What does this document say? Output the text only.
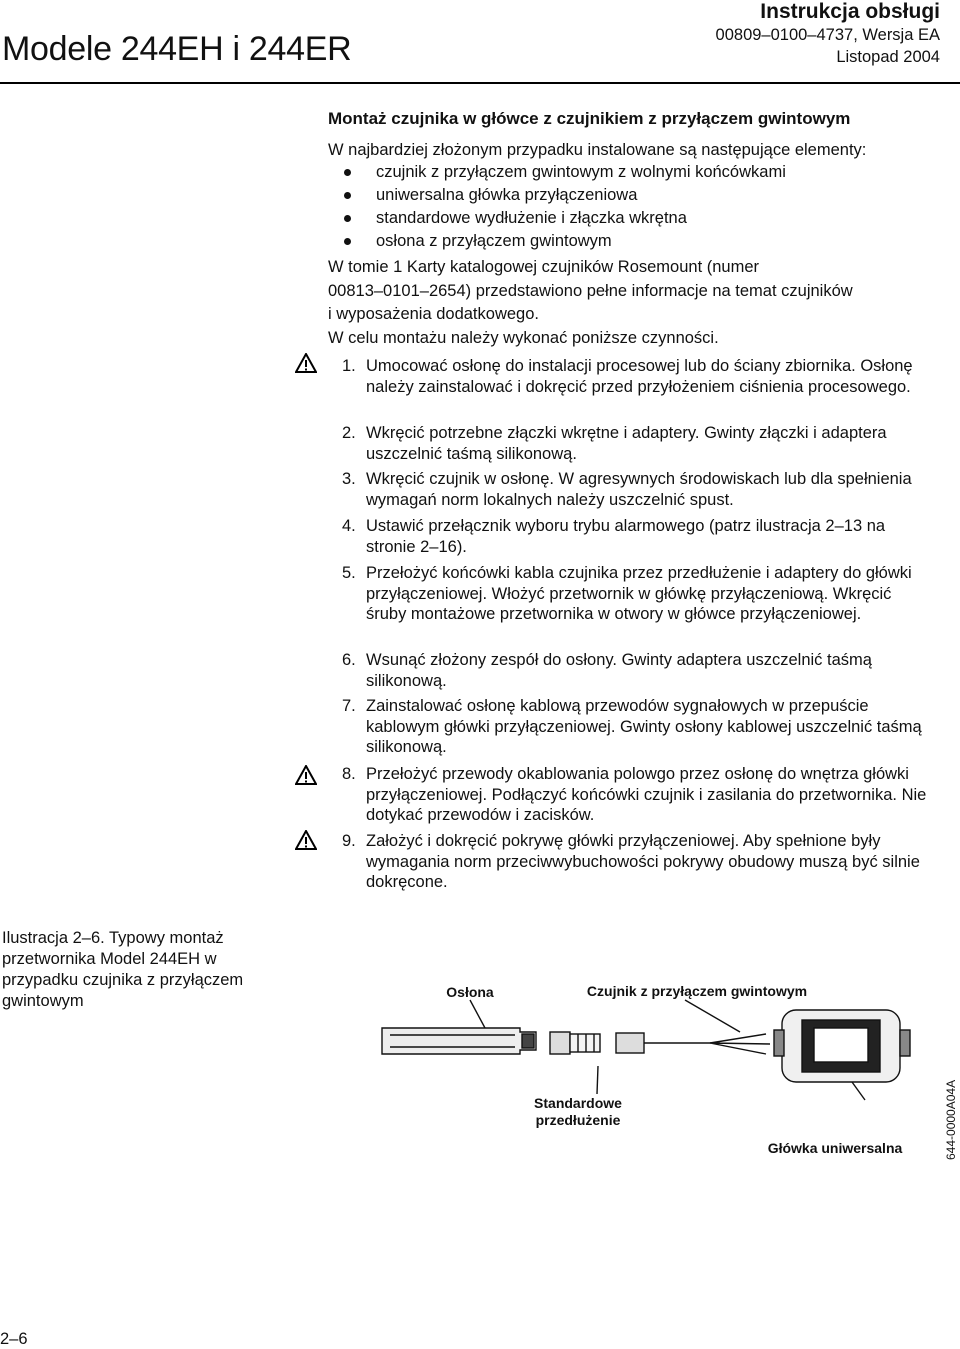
Modele 244EH i 244ER
Instrukcja obsługi
00809–0100–4737, Wersja EA
Listopad 2004
Montaż czujnika w główce z czujnikiem z przyłączem gwintowym
W najbardziej złożonym przypadku instalowane są następujące elementy:
czujnik z przyłączem gwintowym z wolnymi końcówkami
uniwersalna główka przyłączeniowa
standardowe wydłużenie i złączka wkrętna
osłona z przyłączem gwintowym
W tomie 1 Karty katalogowej czujników Rosemount (numer
00813–0101–2654) przedstawiono pełne informacje na temat czujników
i wyposażenia dodatkowego.
W celu montażu należy wykonać poniższe czynności.
1. Umocować osłonę do instalacji procesowej lub do ściany zbiornika. Osłonę należy zainstalować i dokręcić przed przyłożeniem ciśnienia procesowego.
2. Wkręcić potrzebne złączki wkrętne i adaptery. Gwinty złączki i adaptera uszczelnić taśmą silikonową.
3. Wkręcić czujnik w osłonę. W agresywnych środowiskach lub dla spełnienia wymagań norm lokalnych należy uszczelnić spust.
4. Ustawić przełącznik wyboru trybu alarmowego (patrz ilustracja 2–13 na stronie 2–16).
5. Przełożyć końcówki kabla czujnika przez przedłużenie i adaptery do główki przyłączeniowej. Włożyć przetwornik w główkę przyłączeniową. Wkręcić śruby montażowe przetwornika w otwory w główce przyłączeniowej.
6. Wsunąć złożony zespół do osłony. Gwinty adaptera uszczelnić taśmą silikonową.
7. Zainstalować osłonę kablową przewodów sygnałowych w przepuście kablowym główki przyłączeniowej. Gwinty osłony kablowej uszczelnić taśmą silikonową.
8. Przełożyć przewody okablowania polowgo przez osłonę do wnętrza główki przyłączeniowej. Podłączyć końcówki czujnik i zasilania do przetwornika. Nie dotykać przewodów i zacisków.
9. Założyć i dokręcić pokrywę główki przyłączeniowej. Aby spełnione były wymagania norm przeciwwybuchowości pokrywy obudowy muszą być silnie dokręcone.
Ilustracja 2–6. Typowy montaż przetwornika Model 244EH w przypadku czujnika z przyłączem gwintowym	Osłona	Czujnik z przyłączem gwintowym
Standardowe przedłużenie
Główka uniwersalna	644-0000A04A
2–6
